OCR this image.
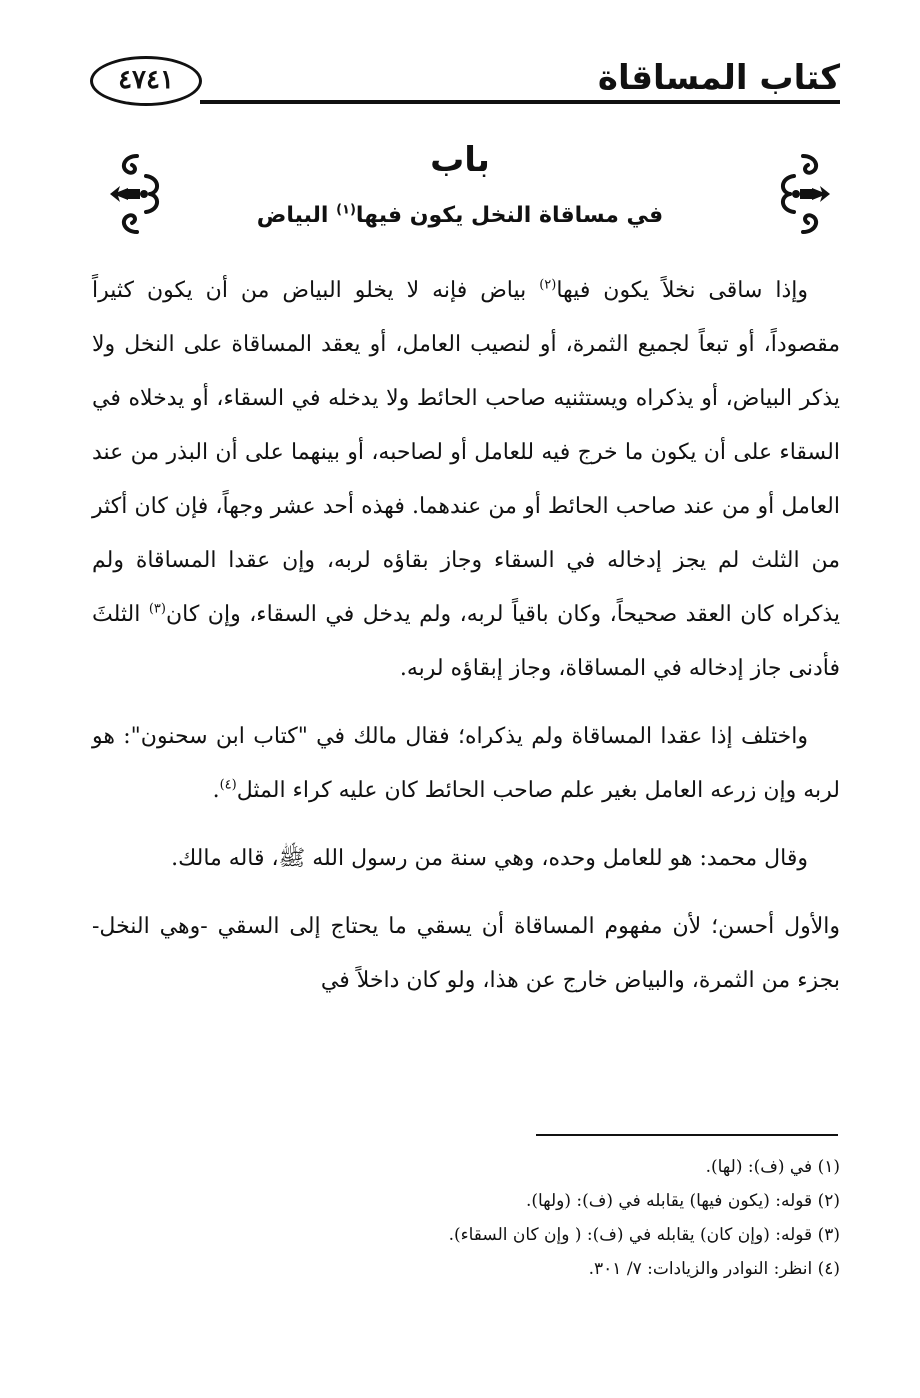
كتاب المساقاة
٤٧٤١
باب
في مساقاة النخل يكون فيها$^{(١)}$ البياض

وإذا ساقى نخلاً يكون فيها$^{(٢)}$ بياض فإنه لا يخلو البياض من أن يكون كثيراً مقصوداً، أو تبعاً لجميع الثمرة، أو لنصيب العامل، أو يعقد المساقاة على النخل ولا يذكر البياض، أو يذكراه ويستثنيه صاحب الحائط ولا يدخله في السقاء، أو يدخلاه في السقاء على أن يكون ما خرج فيه للعامل أو لصاحبه، أو بينهما على أن البذر من عند العامل أو من عند صاحب الحائط أو من عندهما. فهذه أحد عشر وجهاً، فإن كان أكثر من الثلث لم يجز إدخاله في السقاء وجاز بقاؤه لربه، وإن عقدا المساقاة ولم يذكراه كان العقد صحيحاً، وكان باقياً لربه، ولم يدخل في السقاء، وإن كان$^{(٣)}$ الثلثَ فأدنى جاز إدخاله في المساقاة، وجاز إبقاؤه لربه.

واختلف إذا عقدا المساقاة ولم يذكراه؛ فقال مالك في "كتاب ابن سحنون": هو لربه وإن زرعه العامل بغير علم صاحب الحائط كان عليه كراء المثل$^{(٤)}$.

وقال محمد: هو للعامل وحده، وهي سنة من رسول الله ﷺ، قاله مالك.

والأول أحسن؛ لأن مفهوم المساقاة أن يسقي ما يحتاج إلى السقي -وهي النخل- بجزء من الثمرة، والبياض خارج عن هذا، ولو كان داخلاً في

(١) في (ف): (لها).
(٢) قوله: (يكون فيها) يقابله في (ف): (ولها).
(٣) قوله: (وإن كان) يقابله في (ف): ( وإن كان السقاء).
(٤) انظر: النوادر والزيادات: ٧/ ٣٠١.
